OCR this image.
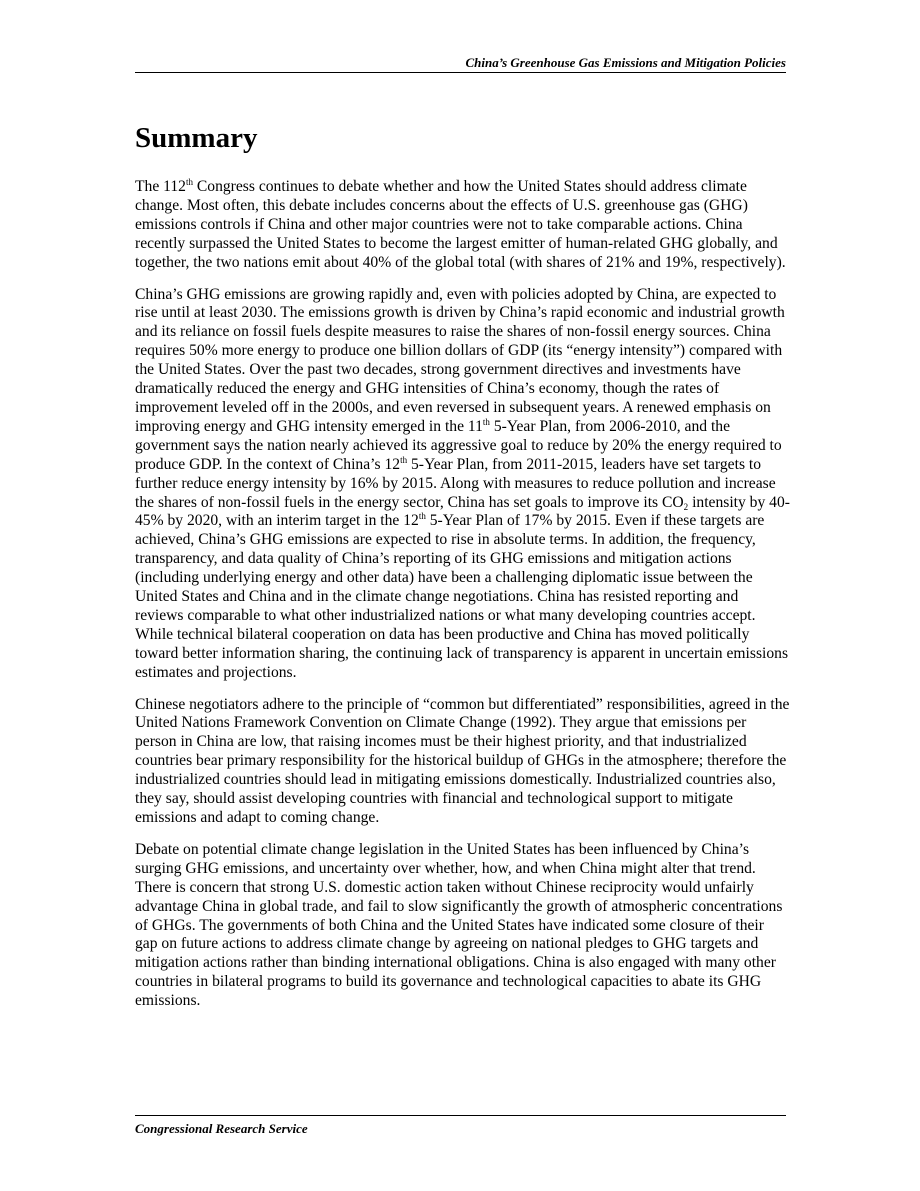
China’s Greenhouse Gas Emissions and Mitigation Policies
Summary

The 112th Congress continues to debate whether and how the United States should address climate change. Most often, this debate includes concerns about the effects of U.S. greenhouse gas (GHG) emissions controls if China and other major countries were not to take comparable actions. China recently surpassed the United States to become the largest emitter of human-related GHG globally, and together, the two nations emit about 40% of the global total (with shares of 21% and 19%, respectively).

China’s GHG emissions are growing rapidly and, even with policies adopted by China, are expected to rise until at least 2030. The emissions growth is driven by China’s rapid economic and industrial growth and its reliance on fossil fuels despite measures to raise the shares of non-fossil energy sources. China requires 50% more energy to produce one billion dollars of GDP (its “energy intensity”) compared with the United States. Over the past two decades, strong government directives and investments have dramatically reduced the energy and GHG intensities of China’s economy, though the rates of improvement leveled off in the 2000s, and even reversed in subsequent years. A renewed emphasis on improving energy and GHG intensity emerged in the 11th 5-Year Plan, from 2006-2010, and the government says the nation nearly achieved its aggressive goal to reduce by 20% the energy required to produce GDP. In the context of China’s 12th 5-Year Plan, from 2011-2015, leaders have set targets to further reduce energy intensity by 16% by 2015. Along with measures to reduce pollution and increase the shares of non-fossil fuels in the energy sector, China has set goals to improve its $CO_2$ intensity by 40-45% by 2020, with an interim target in the 12th 5-Year Plan of 17% by 2015. Even if these targets are achieved, China’s GHG emissions are expected to rise in absolute terms. In addition, the frequency, transparency, and data quality of China’s reporting of its GHG emissions and mitigation actions (including underlying energy and other data) have been a challenging diplomatic issue between the United States and China and in the climate change negotiations. China has resisted reporting and reviews comparable to what other industrialized nations or what many developing countries accept. While technical bilateral cooperation on data has been productive and China has moved politically toward better information sharing, the continuing lack of transparency is apparent in uncertain emissions estimates and projections.

Chinese negotiators adhere to the principle of “common but differentiated” responsibilities, agreed in the United Nations Framework Convention on Climate Change (1992). They argue that emissions per person in China are low, that raising incomes must be their highest priority, and that industrialized countries bear primary responsibility for the historical buildup of GHGs in the atmosphere; therefore the industrialized countries should lead in mitigating emissions domestically. Industrialized countries also, they say, should assist developing countries with financial and technological support to mitigate emissions and adapt to coming change.

Debate on potential climate change legislation in the United States has been influenced by China’s surging GHG emissions, and uncertainty over whether, how, and when China might alter that trend. There is concern that strong U.S. domestic action taken without Chinese reciprocity would unfairly advantage China in global trade, and fail to slow significantly the growth of atmospheric concentrations of GHGs. The governments of both China and the United States have indicated some closure of their gap on future actions to address climate change by agreeing on national pledges to GHG targets and mitigation actions rather than binding international obligations. China is also engaged with many other countries in bilateral programs to build its governance and technological capacities to abate its GHG emissions.

Congressional Research Service
